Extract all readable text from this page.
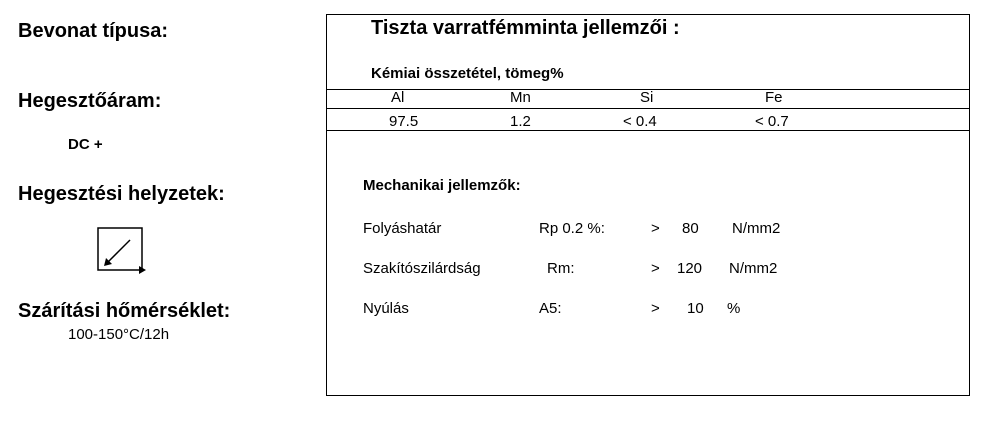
Bevonat típusa:
Hegesztőáram:
DC +
Hegesztési helyzetek:
Szárítási hőmérséklet:
100-150°C/12h
Tiszta varratfémminta jellemzői :
Kémiai összetétel, tömeg%
Al	Mn	Si	Fe
97.5	1.2	< 0.4	< 0.7
Mechanikai jellemzők:
Folyáshatár	Rp 0.2 %:	> 80 N/mm2
Szakítószilárdság	Rm:	> 120 N/mm2
Nyúlás	A5:	> 10 %
